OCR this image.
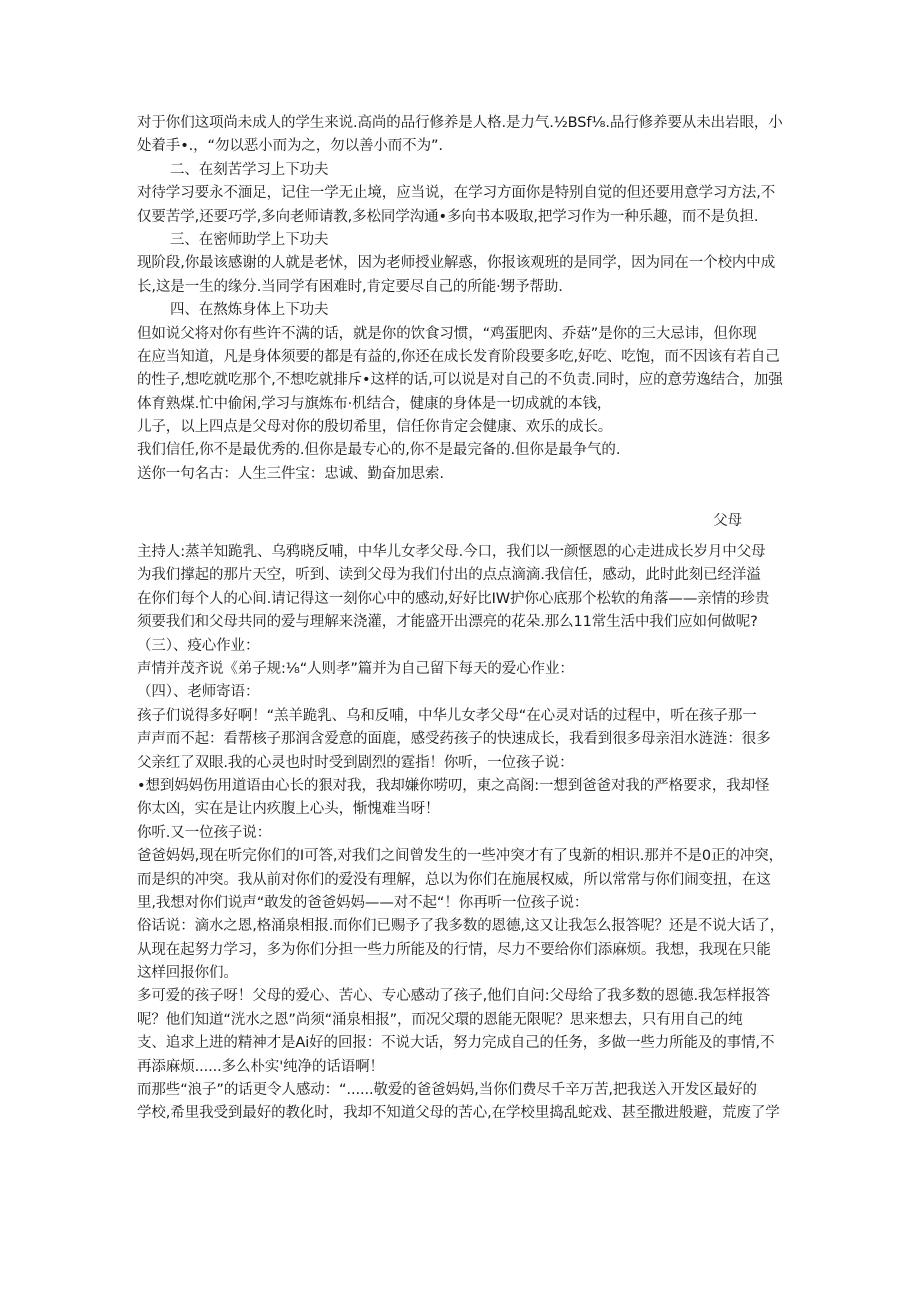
对于你们这项尚未成人的学生来说.高尚的品行修养是人格.是力气.½BSf⅛.品行修养要从未出岩眼，小
处着手•.，“勿以恶小而为之，勿以善小而不为”.
二、在刻苦学习上下功夫
对待学习要永不湎足，记住一学无止境，应当说，在学习方面你是特别自觉的但还要用意学习方法,不
仅要苦学,还要巧学,多向老师请教,多松同学沟通•多向书本吸取,把学习作为一种乐趣，而不是负担.
三、在密师助学上下功夫
现阶段,你最该感谢的人就是老怵，因为老师授业解惑，你报该观班的是同学，因为同在一个校内中成
长,这是一生的缘分.当同学有困难时,肯定要尽自己的所能·甥予帮助.
四、在熬炼身体上下功夫
但如说父将对你有些许不满的话，就是你的饮食习惯，“鸡蛋肥肉、乔菇”是你的三大忌讳，但你现
在应当知道，凡是身体须要的都是有益的,你还在成长发育阶段要多吃,好吃、吃饱，而不因该有若自己
的性子,想吃就吃那个,不想吃就排斥•这样的话,可以说是对自己的不负责.同时，应的意劳逸结合，加强
体育熟煤.忙中偷闲,学习与旗炼布·机结合，健康的身体是一切成就的本钱，
儿子，以上四点是父母对你的殷切希里，信任你肯定会健康、欢乐的成长。
我们信任,你不是最优秀的.但你是最专心的,你不是最完备的.但你是最争气的.
送你一句名古：人生三件宝：忠诚、勤奋加思索.
父母
主持人:蒸羊知跪乳、乌鸦晓反哺，中华儿女孝父母.今口，我们以一颜惬恩的心走进成长岁月中父母
为我们撑起的那片天空，听到、读到父母为我们付出的点点滴滴.我信任，感动，此时此刻已经洋溢
在你们每个人的心间.请记得这一刻你心中的感动,好好比IW护你心底那个松软的角落——亲情的珍贵
须要我们和父母共同的爱与理解来浇灌，才能盛开出漂亮的花朵.那么11常生活中我们应如何做呢?
（三）、疫心作业：
声情并茂齐说《弟子规:⅛“人则孝”篇并为自己留下每天的爱心作业：
（四）、老师寄语：
孩子们说得多好啊！“羔羊跪乳、乌和反哺，中华儿女孝父母“在心灵对话的过程中，听在孩子那一
声声而不起：看帮核子那润含爱意的面鹿，感受药孩子的快速成长，我看到很多母亲泪水涟涟：很多
父亲红了双眼.我的心灵也时时受到剧烈的霆指！你听，一位孩子说：
•想到妈妈伤用道语由心长的狠对我，我却嫌你唠叨，東之高阁:一想到爸爸对我的严格要求，我却怪
你太凶，实在是让内疚腹上心头，惭愧难当呀！
你听.又一位孩子说：
爸爸妈妈,现在听完你们的I可答,对我们之间曾发生的一些冲突才有了曳新的相识.那并不是0正的冲突，
而是织的冲突。我从前对你们的爱没有理解，总以为你们在施展权威，所以常常与你们闹变扭，在这
里,我想对你们说声“敢发的爸爸妈妈——对不起“！你再听一位孩子说：
俗话说：滴水之恩,格涌泉相报.而你们已赐予了我多数的恩德,这又让我怎么报答呢？还是不说大话了，
从现在起努力学习，多为你们分担一些力所能及的行情，尽力不要给你们添麻烦。我想，我现在只能
这样回报你们。
多可爱的孩子呀！父母的爱心、苦心、专心感动了孩子,他们自问:父母给了我多数的恩德.我怎样报答
呢？他们知道“洸水之恩”尚须“涌泉相报”，而况父環的恩能无限呢？思来想去，只有用自己的纯
支、追求上进的精神才是Ai好的回报：不说大话，努力完成自己的任务，多做一些力所能及的事情,不
再添麻烦......多么朴实'纯净的话语啊！
而那些“浪子”的话更令人感动：“......敬爱的爸爸妈妈,当你们费尽千辛万苦,把我送入开发区最好的
学校,希里我受到最好的教化时，我却不知道父母的苦心,在学校里捣乱蛇戏、甚至撒进般避，荒废了学
